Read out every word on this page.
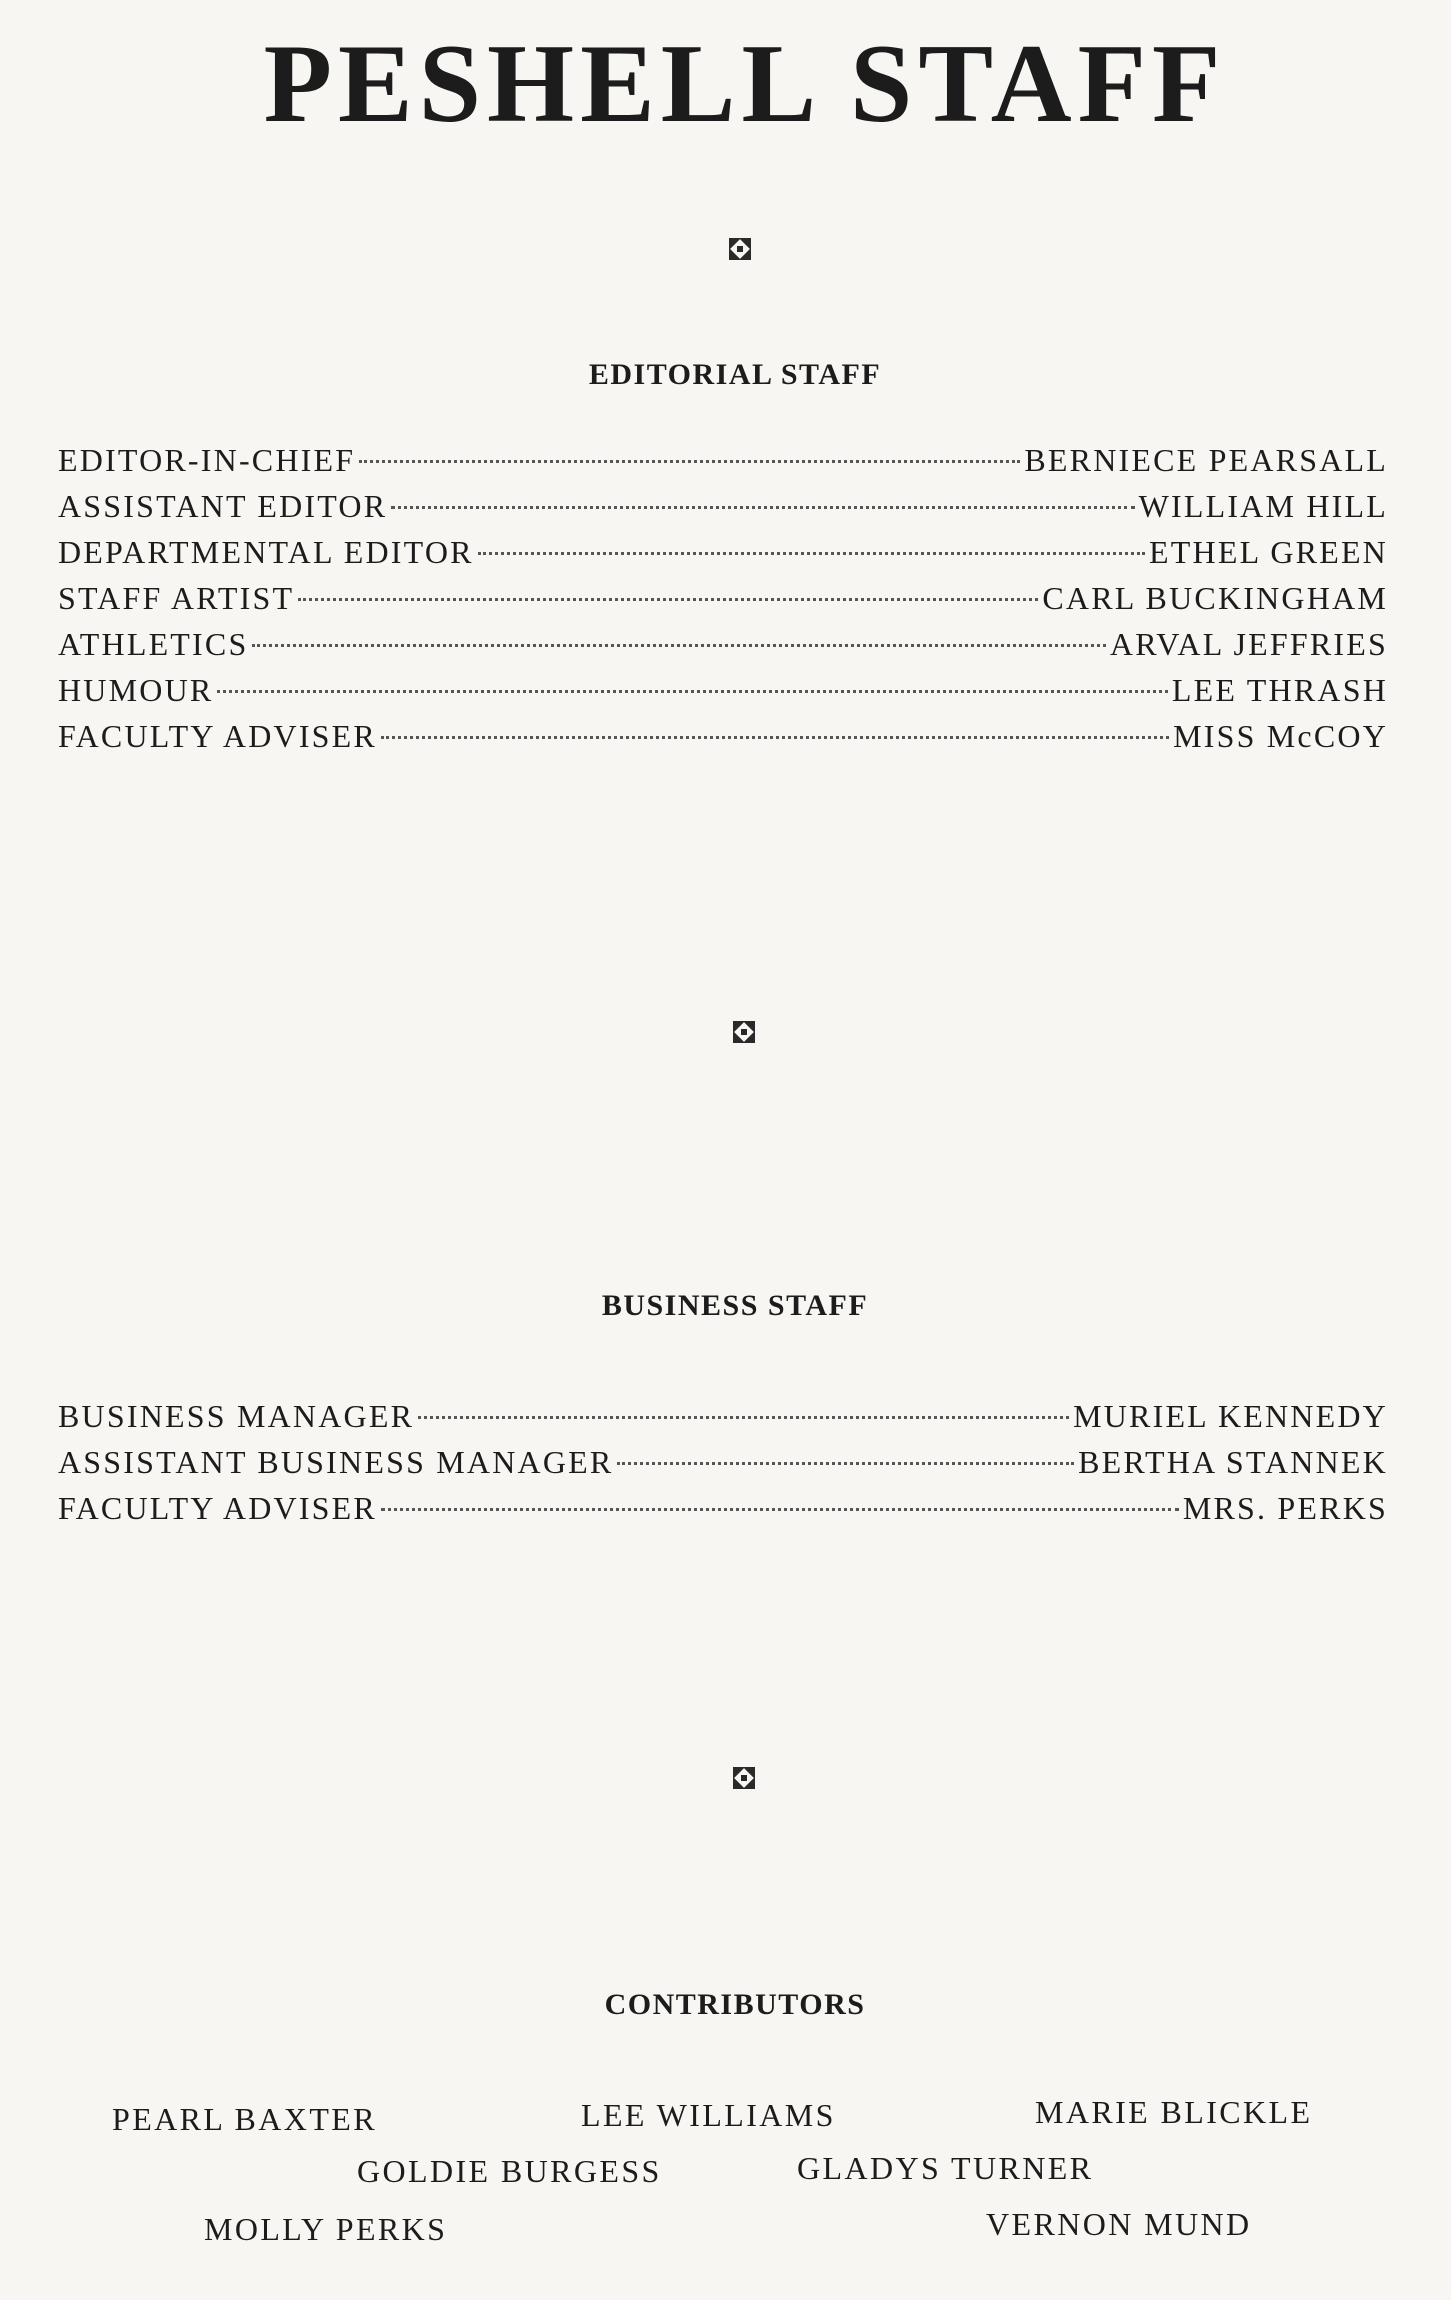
PESHELL STAFF
EDITORIAL STAFF
EDITOR-IN-CHIEF	BERNIECE PEARSALL
ASSISTANT EDITOR	WILLIAM HILL
DEPARTMENTAL EDITOR	ETHEL GREEN
STAFF ARTIST	CARL BUCKINGHAM
ATHLETICS	ARVAL JEFFRIES
HUMOUR	LEE THRASH
FACULTY ADVISER	MISS McCOY
BUSINESS STAFF
BUSINESS MANAGER	MURIEL KENNEDY
ASSISTANT BUSINESS MANAGER	BERTHA STANNEK
FACULTY ADVISER	MRS. PERKS
CONTRIBUTORS
PEARL BAXTER	LEE WILLIAMS	MARIE BLICKLE
GOLDIE BURGESS	GLADYS TURNER
MOLLY PERKS	VERNON MUND
